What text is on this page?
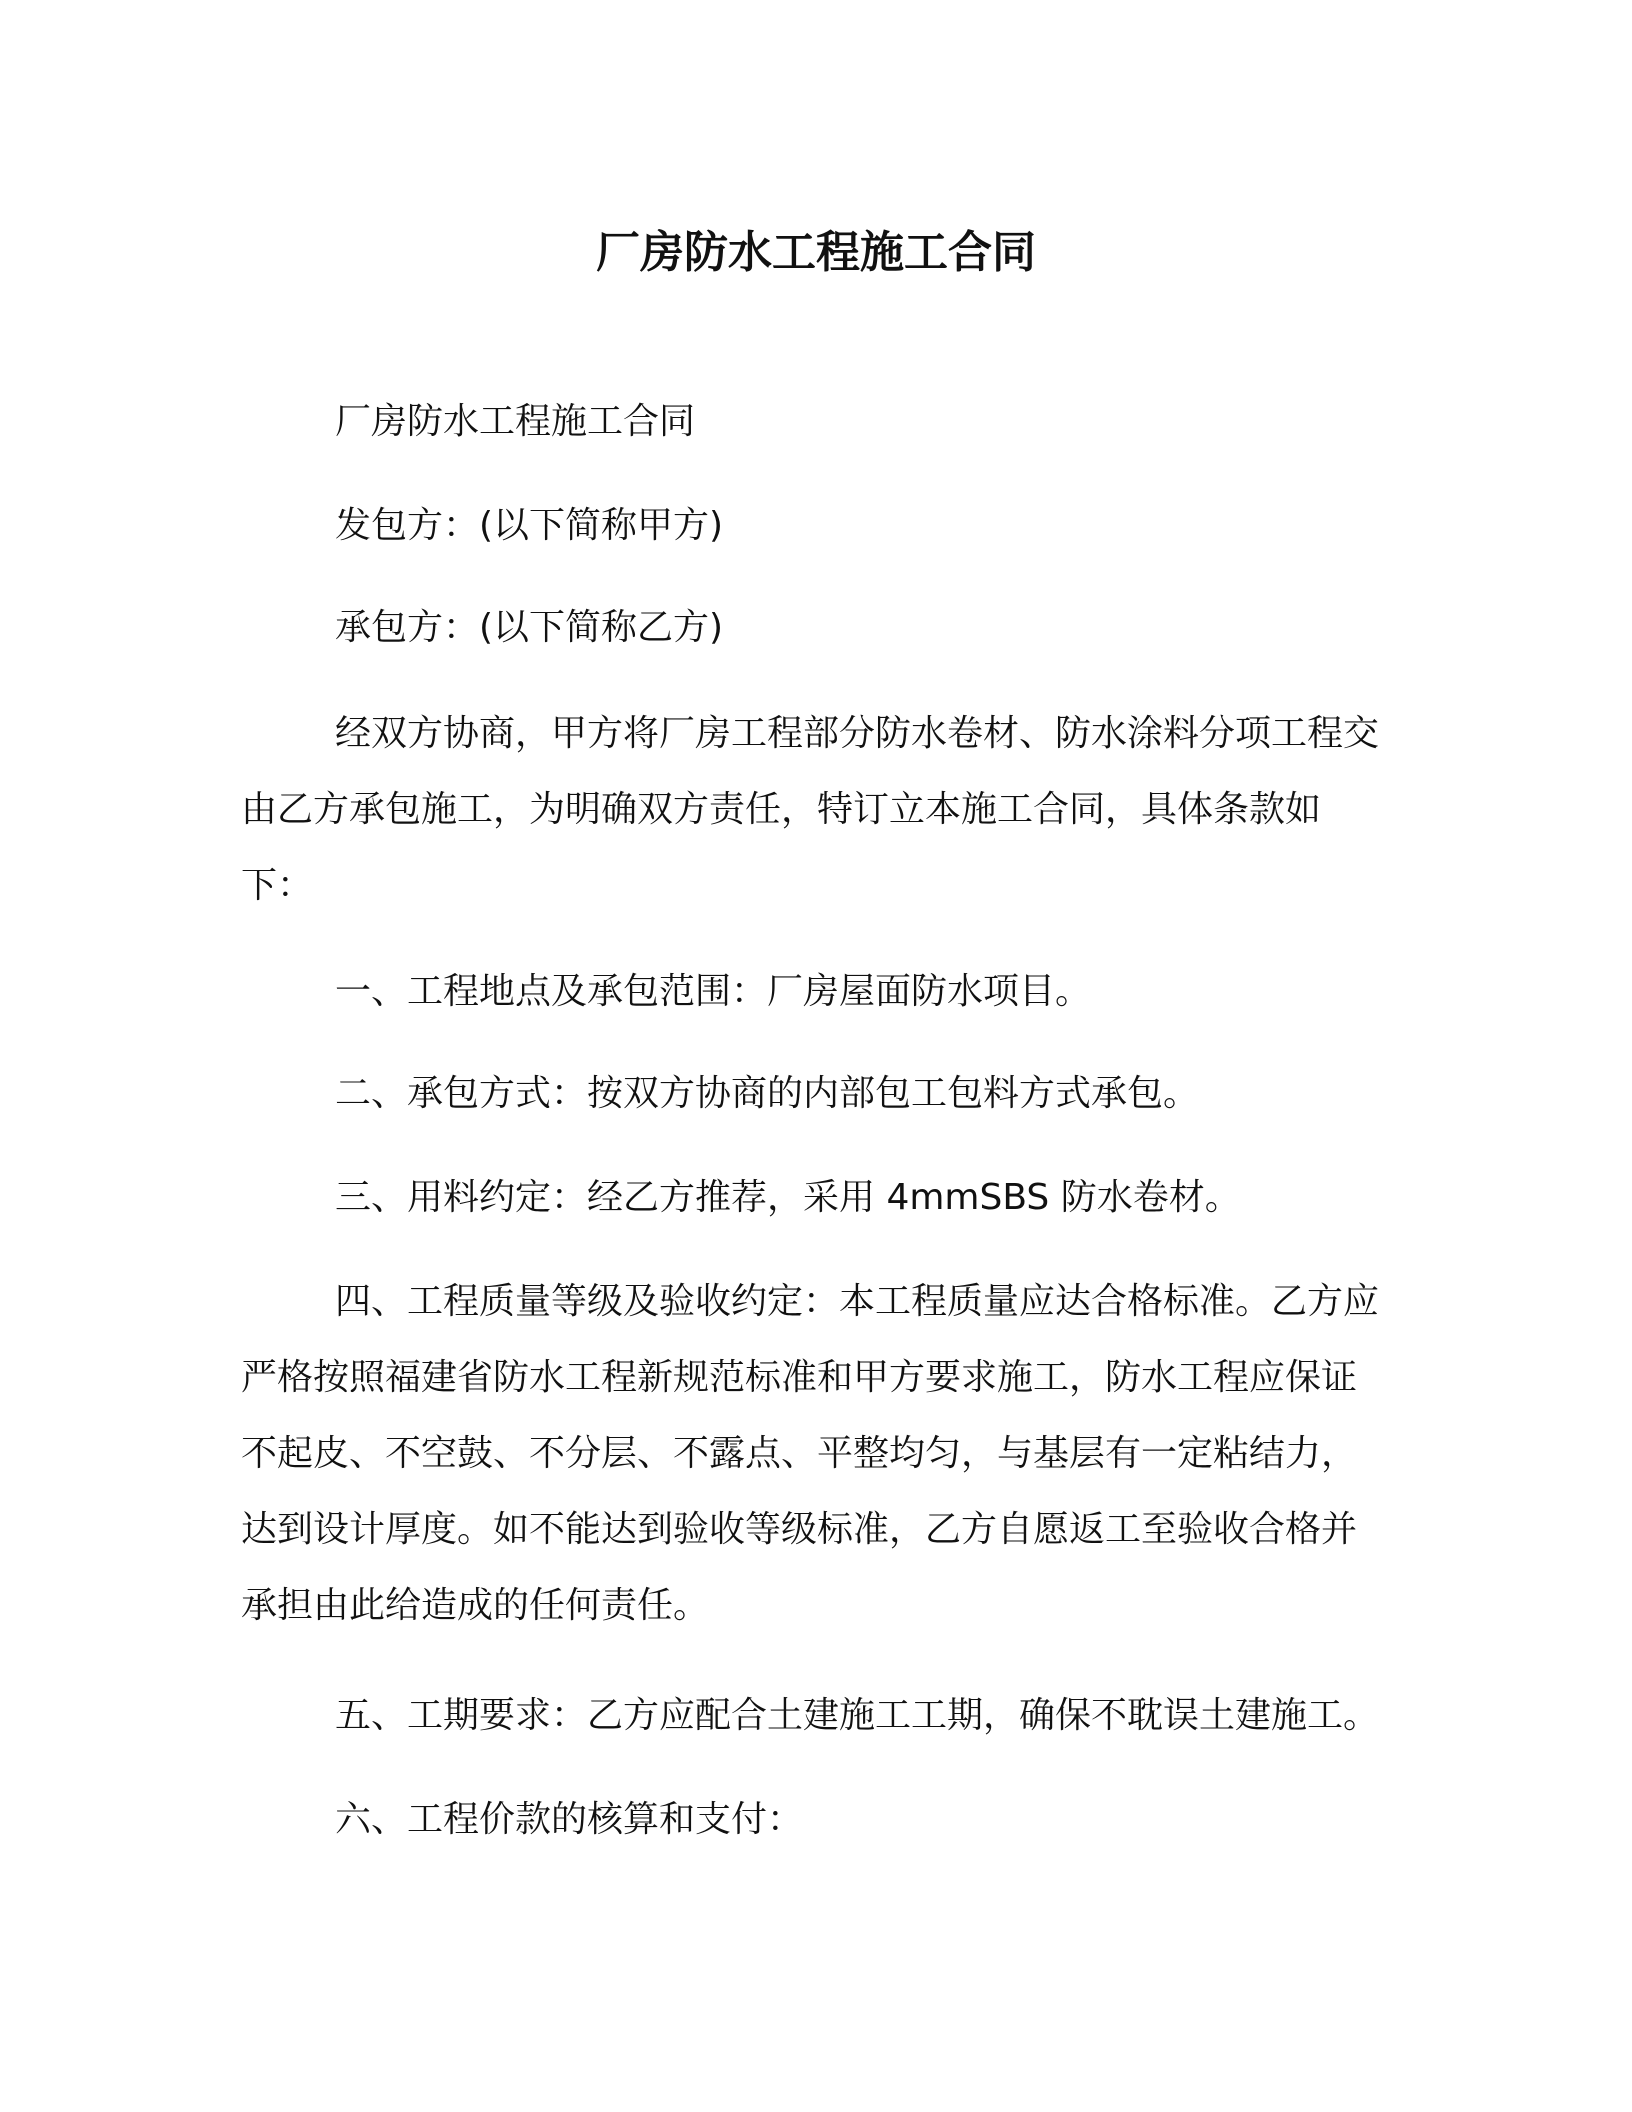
厂房防水工程施工合同

厂房防水工程施工合同

发包方：(以下简称甲方)

承包方：(以下简称乙方)

经双方协商，甲方将厂房工程部分防水卷材、防水涂料分项工程交由乙方承包施工，为明确双方责任，特订立本施工合同，具体条款如下：

一、工程地点及承包范围：厂房屋面防水项目。

二、承包方式：按双方协商的内部包工包料方式承包。

三、用料约定：经乙方推荐，采用 4mmSBS 防水卷材。

四、工程质量等级及验收约定：本工程质量应达合格标准。乙方应严格按照福建省防水工程新规范标准和甲方要求施工，防水工程应保证不起皮、不空鼓、不分层、不露点、平整均匀，与基层有一定粘结力，达到设计厚度。如不能达到验收等级标准，乙方自愿返工至验收合格并承担由此给造成的任何责任。

五、工期要求：乙方应配合土建施工工期，确保不耽误土建施工。

六、工程价款的核算和支付：
